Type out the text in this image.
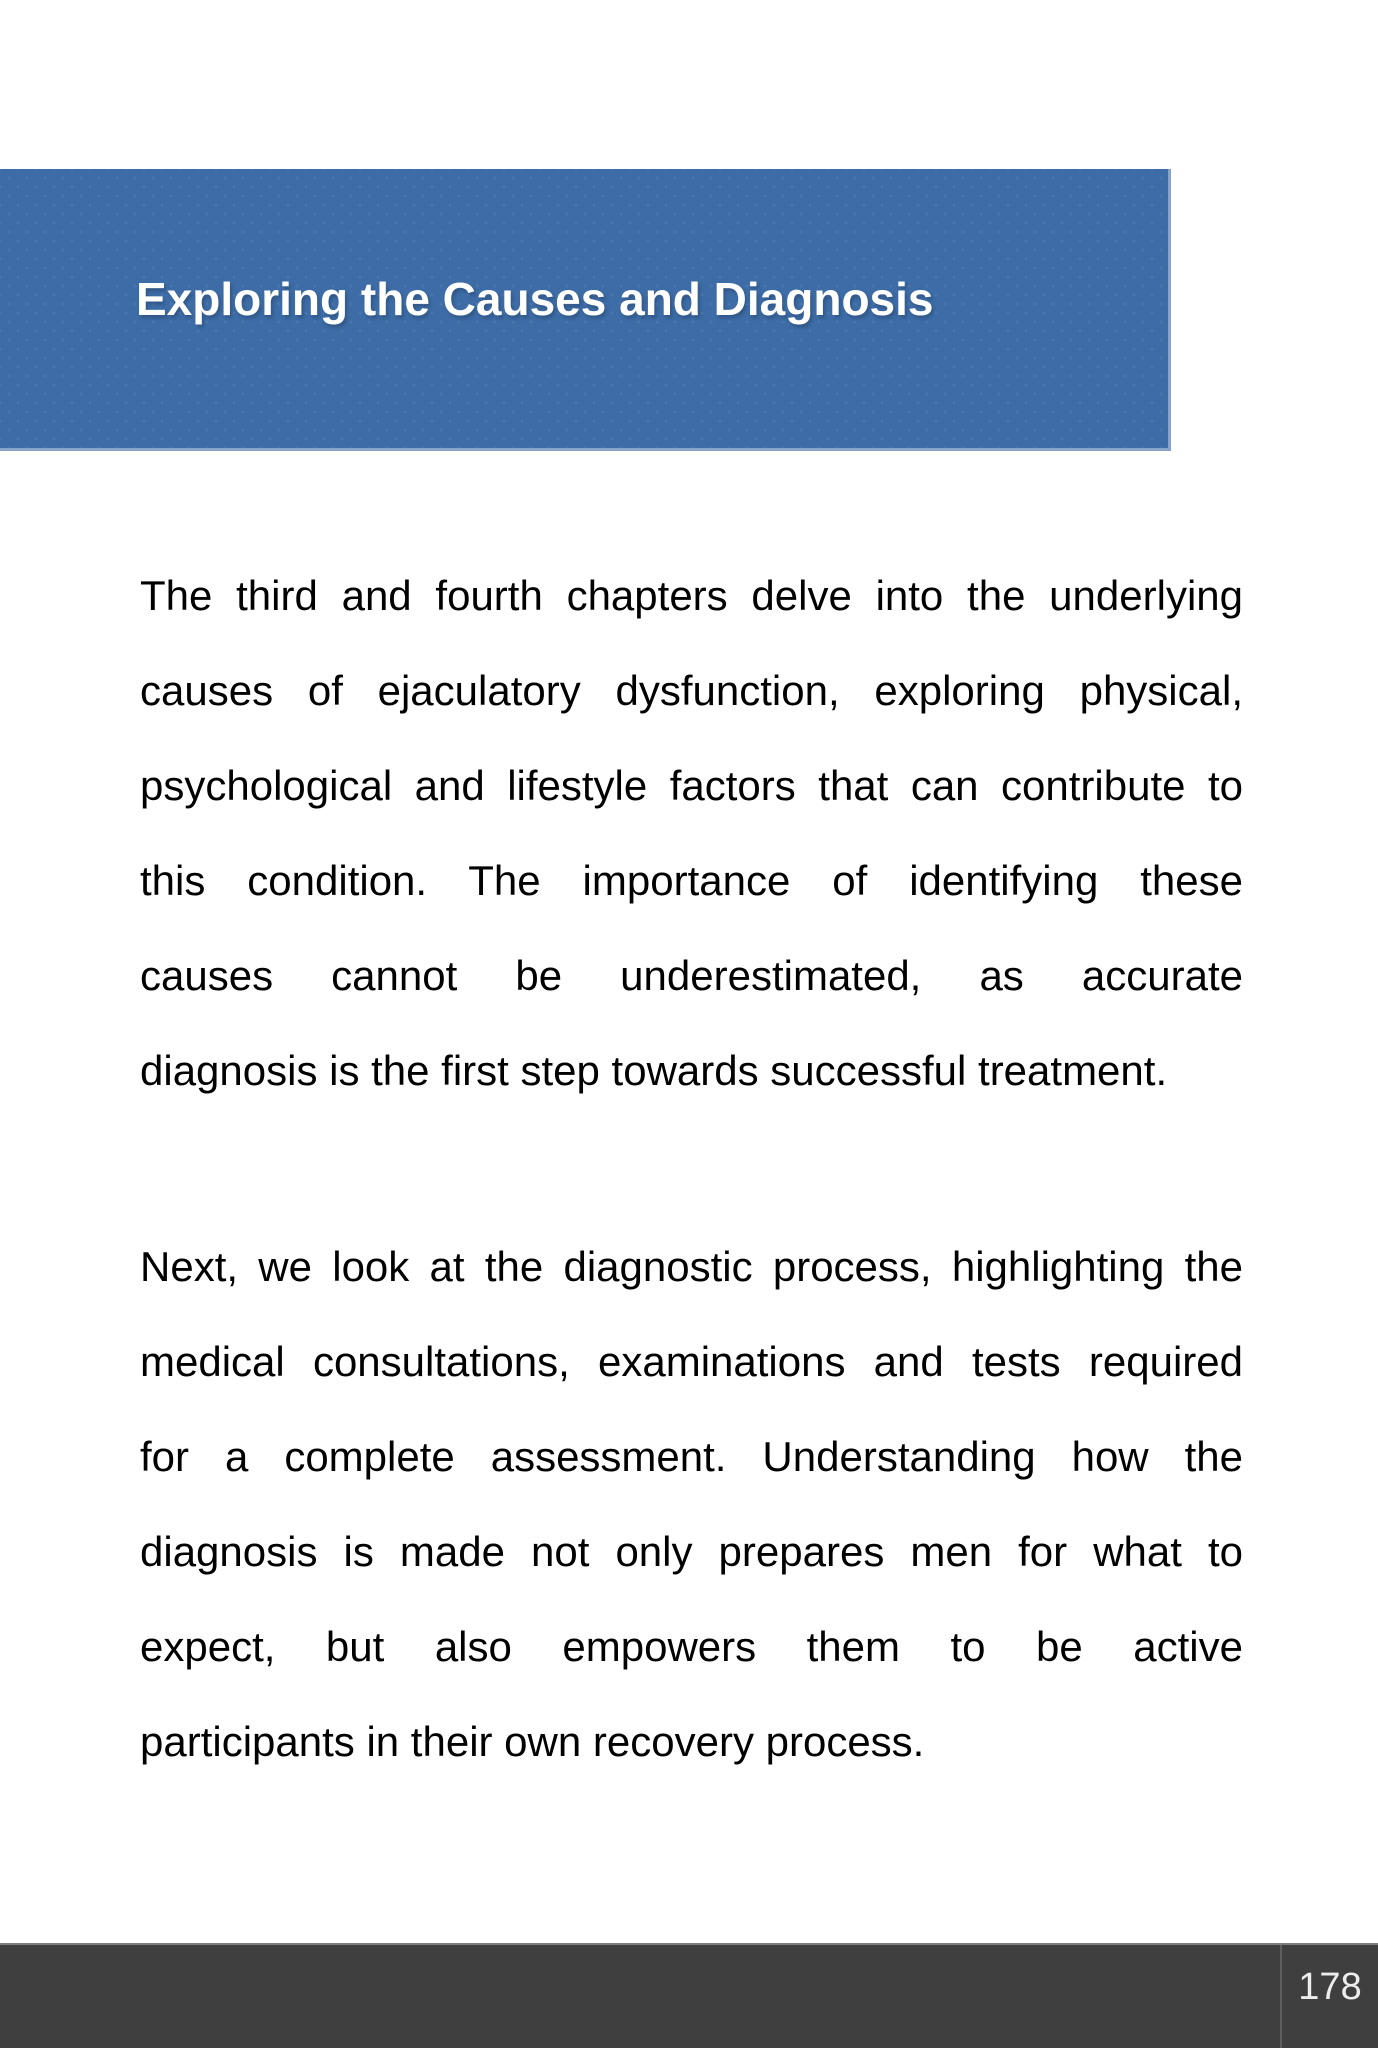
Exploring the Causes and Diagnosis

The third and fourth chapters delve into the underlying
causes of ejaculatory dysfunction, exploring physical,
psychological and lifestyle factors that can contribute to
this condition. The importance of identifying these
causes cannot be underestimated, as accurate
diagnosis is the first step towards successful treatment.

Next, we look at the diagnostic process, highlighting the
medical consultations, examinations and tests required
for a complete assessment. Understanding how the
diagnosis is made not only prepares men for what to
expect, but also empowers them to be active
participants in their own recovery process.

178
